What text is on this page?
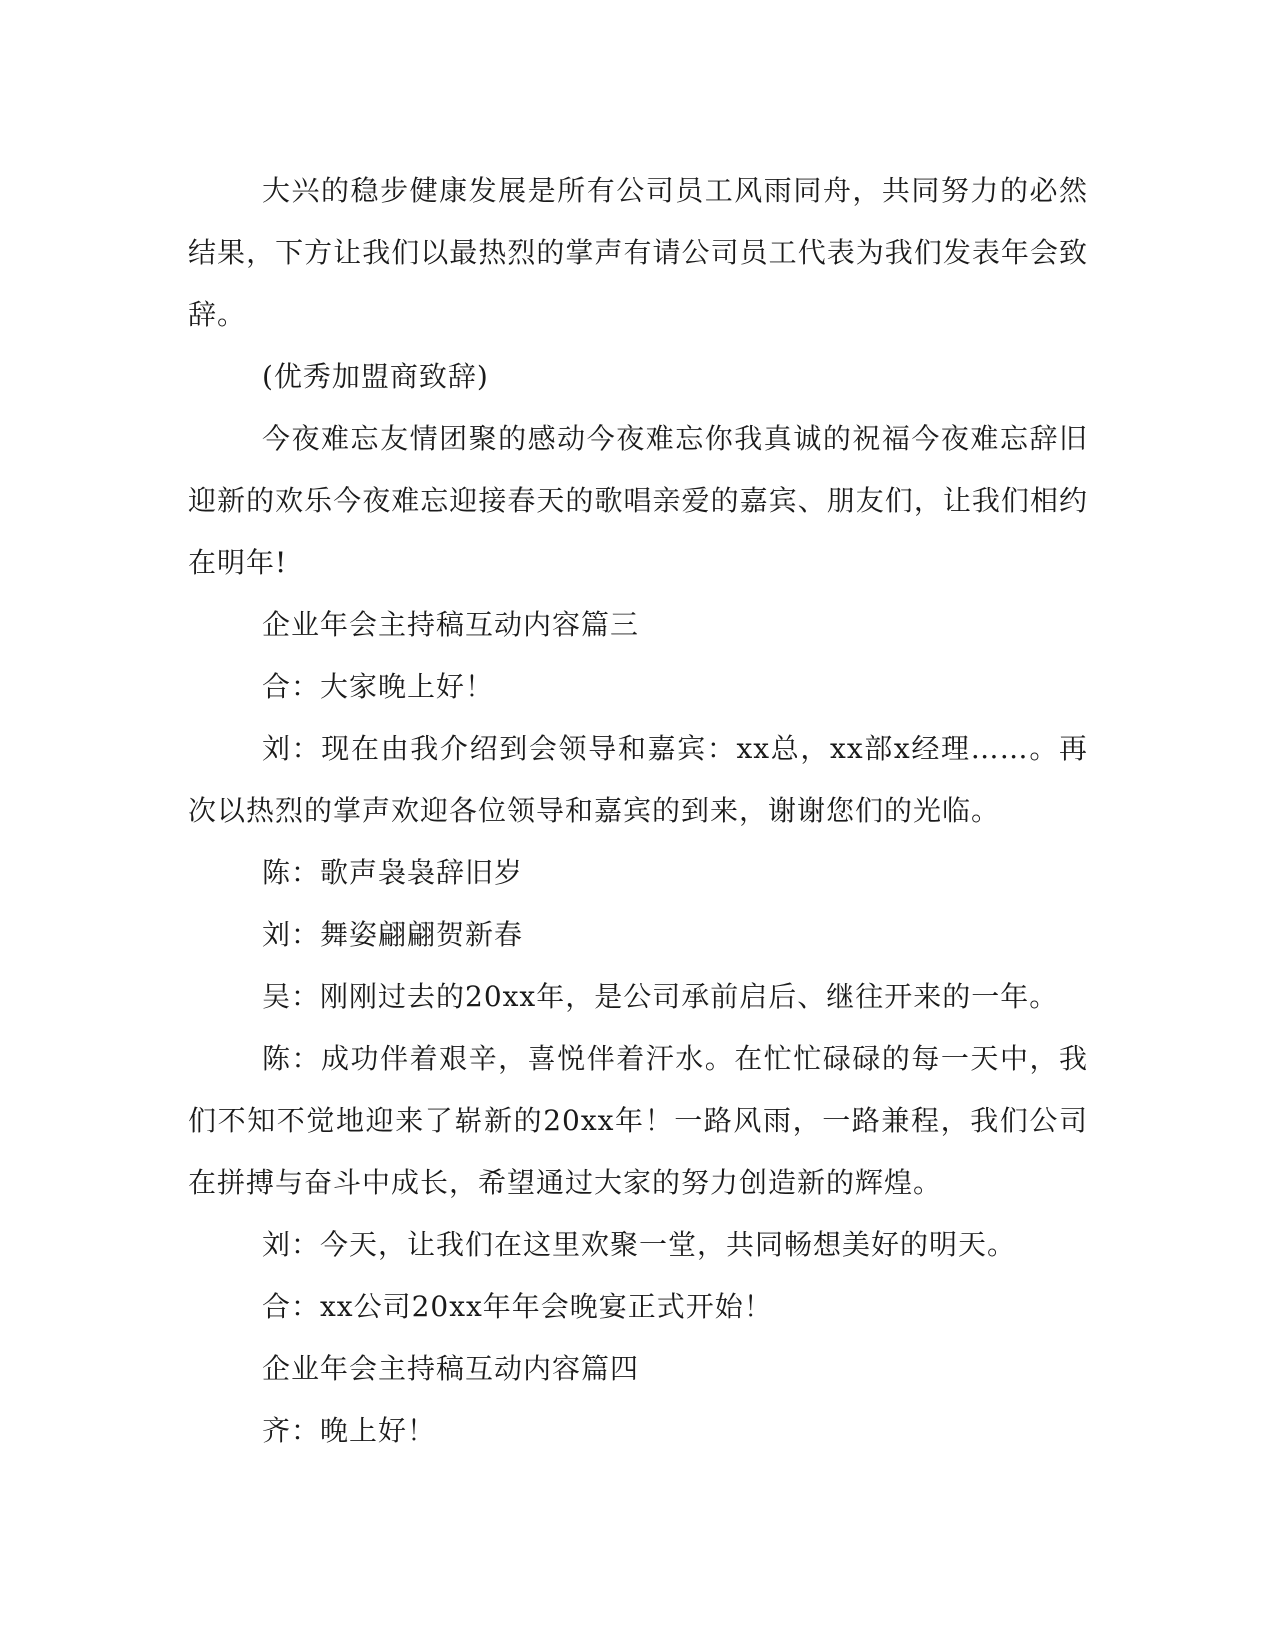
大兴的稳步健康发展是所有公司员工风雨同舟，共同努力的必然结果，下方让我们以最热烈的掌声有请公司员工代表为我们发表年会致辞。

(优秀加盟商致辞)

今夜难忘友情团聚的感动今夜难忘你我真诚的祝福今夜难忘辞旧迎新的欢乐今夜难忘迎接春天的歌唱亲爱的嘉宾、朋友们，让我们相约在明年!

企业年会主持稿互动内容篇三

合：大家晚上好！

刘：现在由我介绍到会领导和嘉宾：xx总，xx部x经理……。再次以热烈的掌声欢迎各位领导和嘉宾的到来，谢谢您们的光临。

陈：歌声袅袅辞旧岁

刘：舞姿翩翩贺新春

吴：刚刚过去的20xx年，是公司承前启后、继往开来的一年。

陈：成功伴着艰辛，喜悦伴着汗水。在忙忙碌碌的每一天中，我们不知不觉地迎来了崭新的20xx年！一路风雨，一路兼程，我们公司在拼搏与奋斗中成长，希望通过大家的努力创造新的辉煌。

刘：今天，让我们在这里欢聚一堂，共同畅想美好的明天。

合：xx公司20xx年年会晚宴正式开始！

企业年会主持稿互动内容篇四

齐：晚上好！
